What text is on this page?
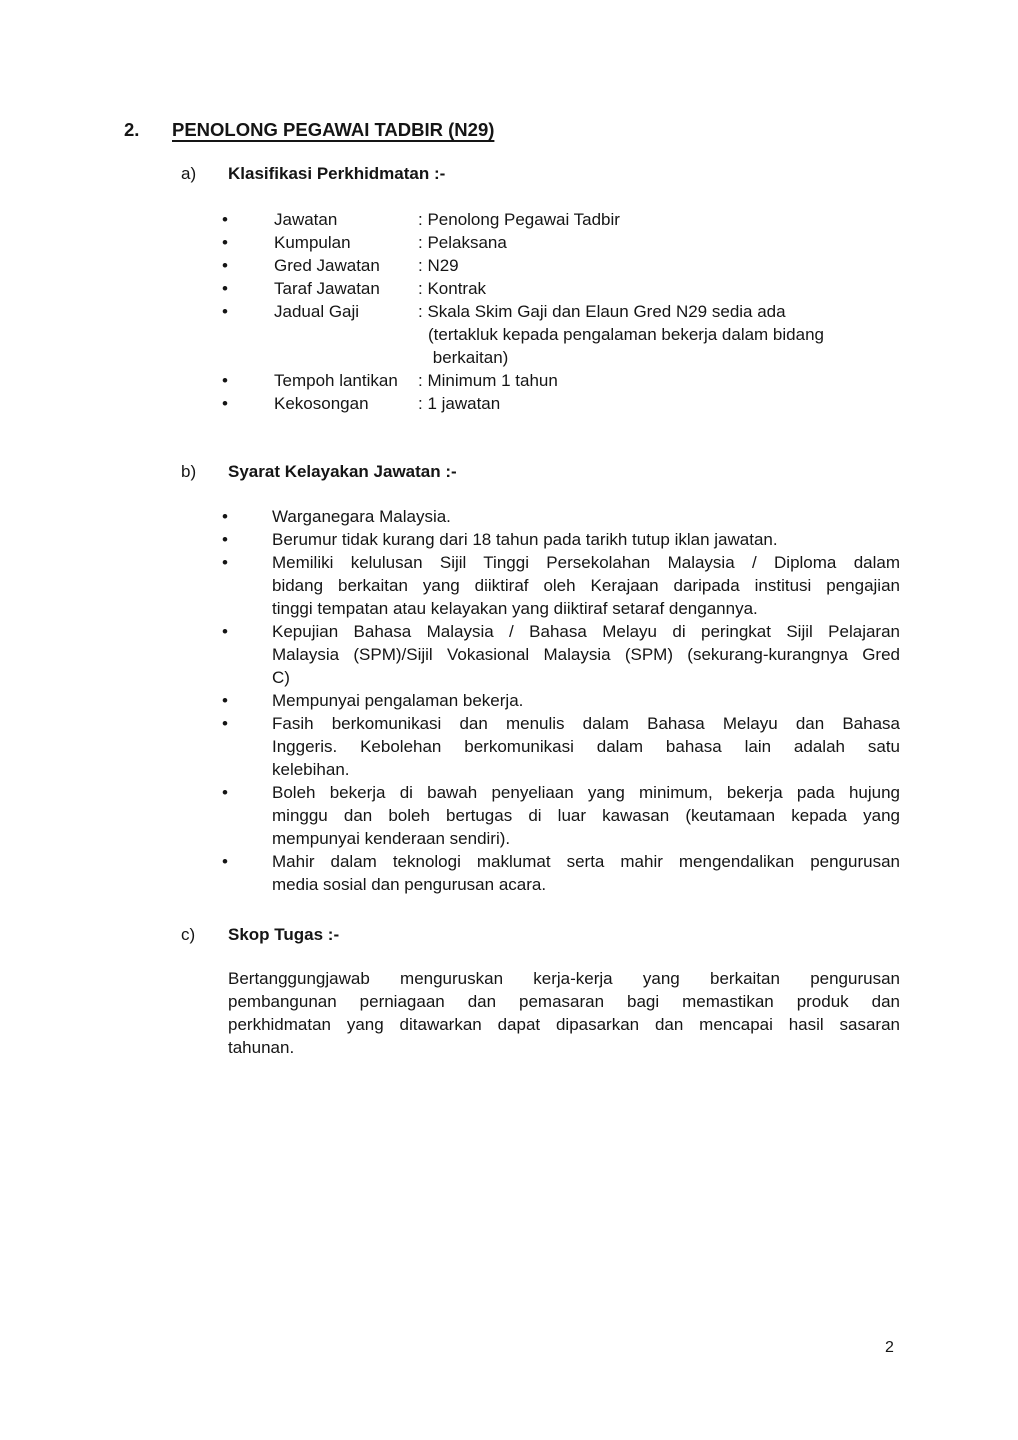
2.	PENOLONG PEGAWAI TADBIR (N29)
a)	Klasifikasi Perkhidmatan :-
•	Jawatan	: Penolong Pegawai Tadbir
•	Kumpulan	: Pelaksana
•	Gred Jawatan	: N29
•	Taraf Jawatan	: Kontrak
•	Jadual Gaji	: Skala Skim Gaji dan Elaun Gred N29 sedia ada
(tertakluk kepada pengalaman bekerja dalam bidang
berkaitan)
•	Tempoh lantikan	: Minimum 1 tahun
•	Kekosongan	: 1 jawatan
b)	Syarat Kelayakan Jawatan :-
•	Warganegara Malaysia.
•	Berumur tidak kurang dari 18 tahun pada tarikh tutup iklan jawatan.
•	Memiliki kelulusan Sijil Tinggi Persekolahan Malaysia / Diploma dalam
bidang berkaitan yang diiktiraf oleh Kerajaan daripada institusi pengajian
tinggi tempatan atau kelayakan yang diiktiraf setaraf dengannya.
•	Kepujian Bahasa Malaysia / Bahasa Melayu di peringkat Sijil Pelajaran
Malaysia (SPM)/Sijil Vokasional Malaysia (SPM) (sekurang-kurangnya Gred
C)
•	Mempunyai pengalaman bekerja.
•	Fasih berkomunikasi dan menulis dalam Bahasa Melayu dan Bahasa
Inggeris. Kebolehan berkomunikasi dalam bahasa lain adalah satu
kelebihan.
•	Boleh bekerja di bawah penyeliaan yang minimum, bekerja pada hujung
minggu dan boleh bertugas di luar kawasan (keutamaan kepada yang
mempunyai kenderaan sendiri).
•	Mahir dalam teknologi maklumat serta mahir mengendalikan pengurusan
media sosial dan pengurusan acara.
c)	Skop Tugas :-
Bertanggungjawab menguruskan kerja-kerja yang berkaitan pengurusan
pembangunan perniagaan dan pemasaran bagi memastikan produk dan
perkhidmatan yang ditawarkan dapat dipasarkan dan mencapai hasil sasaran
tahunan.
2
